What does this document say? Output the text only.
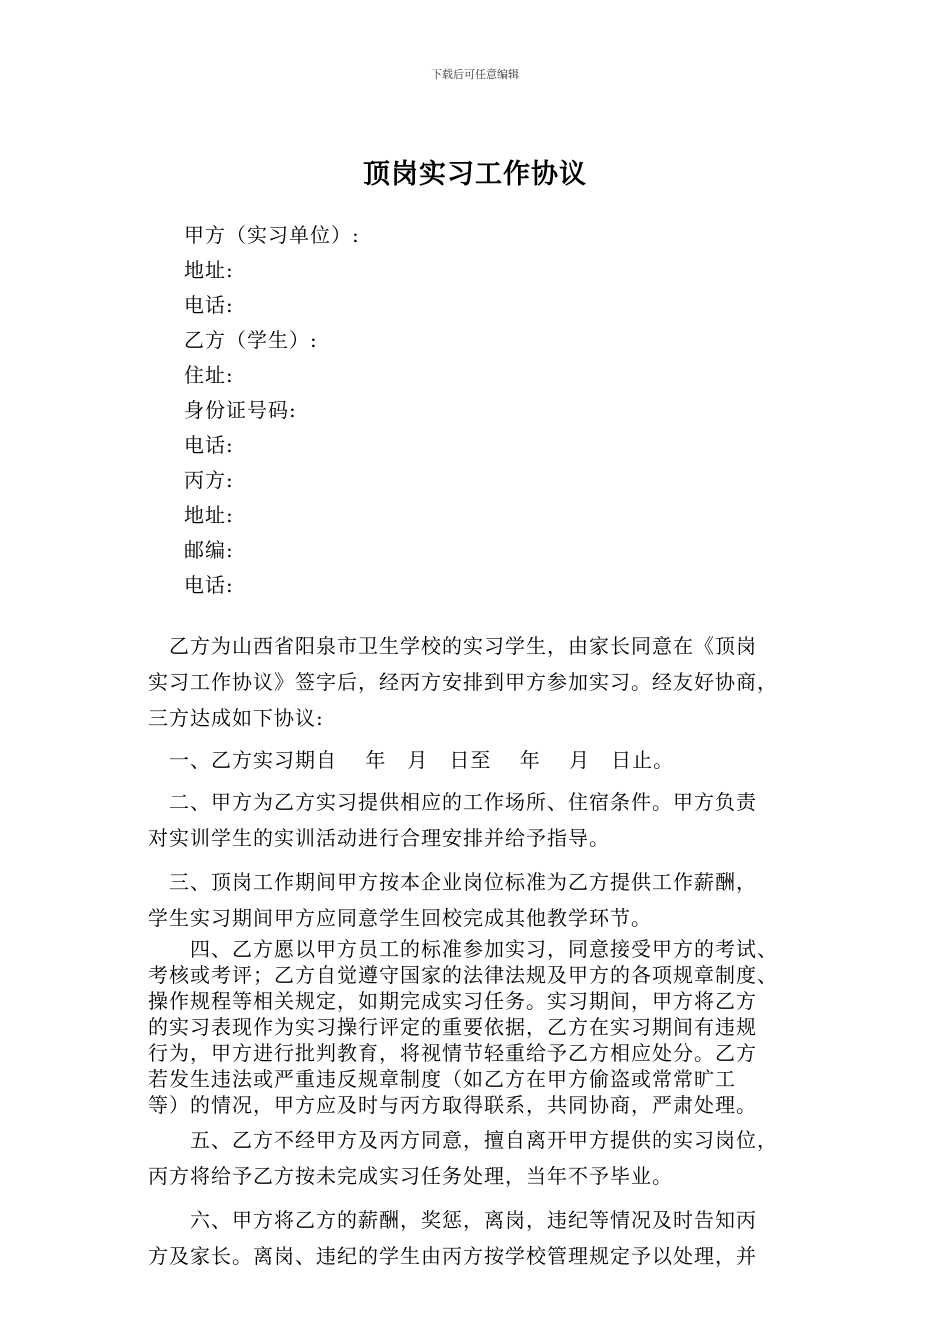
下载后可任意编辑
顶岗实习工作协议
甲方（实习单位）:
地址:
电话:
乙方（学生）:
住址:
身份证号码:
电话:
丙方:
地址:
邮编:
电话:
　乙方为山西省阳泉市卫生学校的实习学生，由家长同意在《顶岗
实习工作协议》签字后，经丙方安排到甲方参加实习。经友好协商，
三方达成如下协议:
　一、乙方实习期自　 年　月　日至　 年　 月　日止。
　二、甲方为乙方实习提供相应的工作场所、住宿条件。甲方负责
对实训学生的实训活动进行合理安排并给予指导。
　三、顶岗工作期间甲方按本企业岗位标准为乙方提供工作薪酬，
学生实习期间甲方应同意学生回校完成其他教学环节。
　　四、乙方愿以甲方员工的标准参加实习，同意接受甲方的考试、
考核或考评；乙方自觉遵守国家的法律法规及甲方的各项规章制度、
操作规程等相关规定，如期完成实习任务。实习期间，甲方将乙方
的实习表现作为实习操行评定的重要依据，乙方在实习期间有违规
行为，甲方进行批判教育，将视情节轻重给予乙方相应处分。乙方
若发生违法或严重违反规章制度（如乙方在甲方偷盗或常常旷工
等）的情况，甲方应及时与丙方取得联系，共同协商，严肃处理。
　　五、乙方不经甲方及丙方同意，擅自离开甲方提供的实习岗位，
丙方将给予乙方按未完成实习任务处理，当年不予毕业。
　　六、甲方将乙方的薪酬，奖惩，离岗，违纪等情况及时告知丙
方及家长。离岗、违纪的学生由丙方按学校管理规定予以处理，并
